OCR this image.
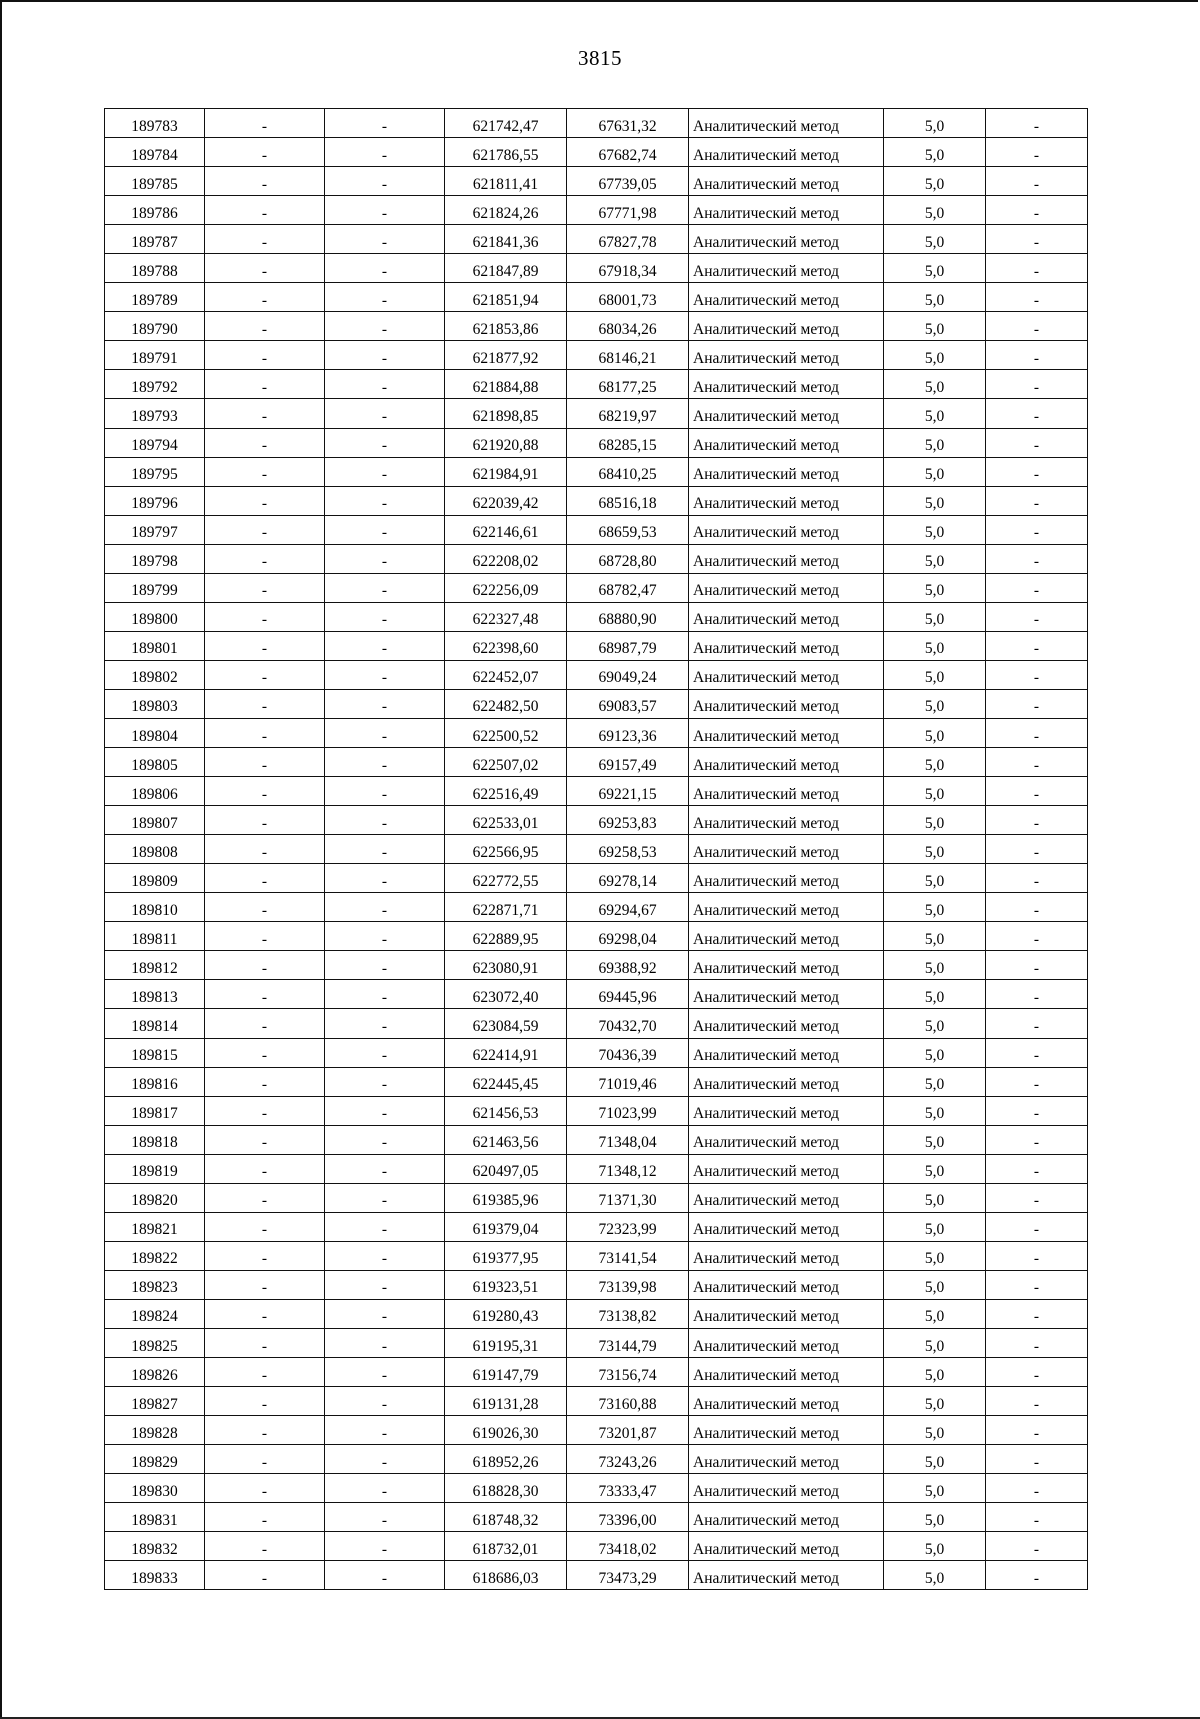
3815
189783	-	-	621742,47	67631,32	Аналитический метод	5,0	-
189784	-	-	621786,55	67682,74	Аналитический метод	5,0	-
189785	-	-	621811,41	67739,05	Аналитический метод	5,0	-
189786	-	-	621824,26	67771,98	Аналитический метод	5,0	-
189787	-	-	621841,36	67827,78	Аналитический метод	5,0	-
189788	-	-	621847,89	67918,34	Аналитический метод	5,0	-
189789	-	-	621851,94	68001,73	Аналитический метод	5,0	-
189790	-	-	621853,86	68034,26	Аналитический метод	5,0	-
189791	-	-	621877,92	68146,21	Аналитический метод	5,0	-
189792	-	-	621884,88	68177,25	Аналитический метод	5,0	-
189793	-	-	621898,85	68219,97	Аналитический метод	5,0	-
189794	-	-	621920,88	68285,15	Аналитический метод	5,0	-
189795	-	-	621984,91	68410,25	Аналитический метод	5,0	-
189796	-	-	622039,42	68516,18	Аналитический метод	5,0	-
189797	-	-	622146,61	68659,53	Аналитический метод	5,0	-
189798	-	-	622208,02	68728,80	Аналитический метод	5,0	-
189799	-	-	622256,09	68782,47	Аналитический метод	5,0	-
189800	-	-	622327,48	68880,90	Аналитический метод	5,0	-
189801	-	-	622398,60	68987,79	Аналитический метод	5,0	-
189802	-	-	622452,07	69049,24	Аналитический метод	5,0	-
189803	-	-	622482,50	69083,57	Аналитический метод	5,0	-
189804	-	-	622500,52	69123,36	Аналитический метод	5,0	-
189805	-	-	622507,02	69157,49	Аналитический метод	5,0	-
189806	-	-	622516,49	69221,15	Аналитический метод	5,0	-
189807	-	-	622533,01	69253,83	Аналитический метод	5,0	-
189808	-	-	622566,95	69258,53	Аналитический метод	5,0	-
189809	-	-	622772,55	69278,14	Аналитический метод	5,0	-
189810	-	-	622871,71	69294,67	Аналитический метод	5,0	-
189811	-	-	622889,95	69298,04	Аналитический метод	5,0	-
189812	-	-	623080,91	69388,92	Аналитический метод	5,0	-
189813	-	-	623072,40	69445,96	Аналитический метод	5,0	-
189814	-	-	623084,59	70432,70	Аналитический метод	5,0	-
189815	-	-	622414,91	70436,39	Аналитический метод	5,0	-
189816	-	-	622445,45	71019,46	Аналитический метод	5,0	-
189817	-	-	621456,53	71023,99	Аналитический метод	5,0	-
189818	-	-	621463,56	71348,04	Аналитический метод	5,0	-
189819	-	-	620497,05	71348,12	Аналитический метод	5,0	-
189820	-	-	619385,96	71371,30	Аналитический метод	5,0	-
189821	-	-	619379,04	72323,99	Аналитический метод	5,0	-
189822	-	-	619377,95	73141,54	Аналитический метод	5,0	-
189823	-	-	619323,51	73139,98	Аналитический метод	5,0	-
189824	-	-	619280,43	73138,82	Аналитический метод	5,0	-
189825	-	-	619195,31	73144,79	Аналитический метод	5,0	-
189826	-	-	619147,79	73156,74	Аналитический метод	5,0	-
189827	-	-	619131,28	73160,88	Аналитический метод	5,0	-
189828	-	-	619026,30	73201,87	Аналитический метод	5,0	-
189829	-	-	618952,26	73243,26	Аналитический метод	5,0	-
189830	-	-	618828,30	73333,47	Аналитический метод	5,0	-
189831	-	-	618748,32	73396,00	Аналитический метод	5,0	-
189832	-	-	618732,01	73418,02	Аналитический метод	5,0	-
189833	-	-	618686,03	73473,29	Аналитический метод	5,0	-
